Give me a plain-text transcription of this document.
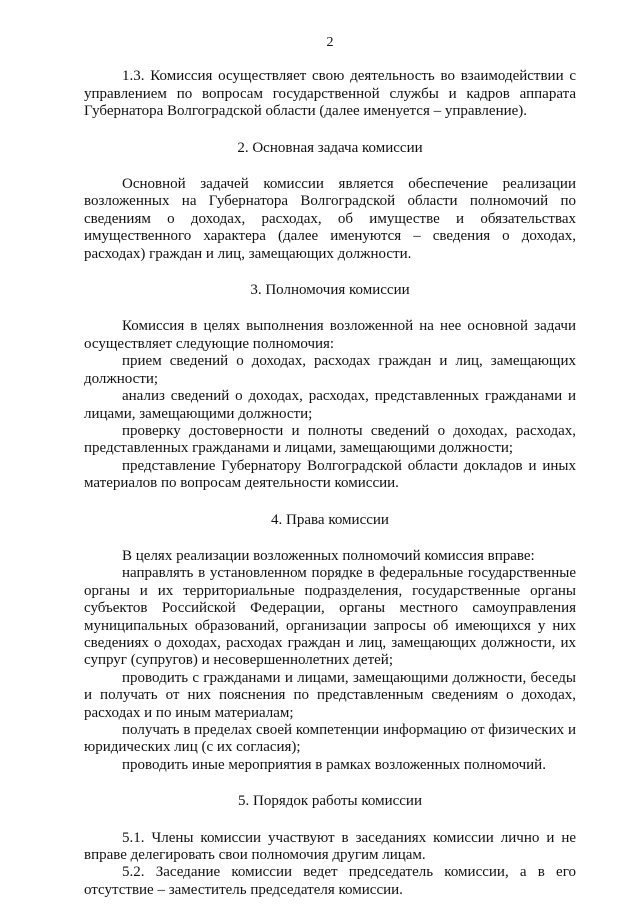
2

1.3. Комиссия осуществляет свою деятельность во взаимодействии с управлением по вопросам государственной службы и кадров аппарата Губернатора Волгоградской области (далее именуется – управление).

2. Основная задача комиссии

Основной задачей комиссии является обеспечение реализации возложенных на Губернатора Волгоградской области полномочий по сведениям о доходах, расходах, об имуществе и обязательствах имущественного характера (далее именуются – сведения о доходах, расходах) граждан и лиц, замещающих должности.

3. Полномочия комиссии

Комиссия в целях выполнения возложенной на нее основной задачи осуществляет следующие полномочия:

прием сведений о доходах, расходах граждан и лиц, замещающих должности;

анализ сведений о доходах, расходах, представленных гражданами и лицами, замещающими должности;

проверку достоверности и полноты сведений о доходах, расходах, представленных гражданами и лицами, замещающими должности;

представление Губернатору Волгоградской области докладов и иных материалов по вопросам деятельности комиссии.

4. Права комиссии

В целях реализации возложенных полномочий комиссия вправе:

направлять в установленном порядке в федеральные государственные органы и их территориальные подразделения, государственные органы субъектов Российской Федерации, органы местного самоуправления муниципальных образований, организации запросы об имеющихся у них сведениях о доходах, расходах граждан и лиц, замещающих должности, их супруг (супругов) и несовершеннолетних детей;

проводить с гражданами и лицами, замещающими должности, беседы и получать от них пояснения по представленным сведениям о доходах, расходах и по иным материалам;

получать в пределах своей компетенции информацию от физических и юридических лиц (с их согласия);

проводить иные мероприятия в рамках возложенных полномочий.

5. Порядок работы комиссии

5.1. Члены комиссии участвуют в заседаниях комиссии лично и не вправе делегировать свои полномочия другим лицам.

5.2. Заседание комиссии ведет председатель комиссии, а в его отсутствие – заместитель председателя комиссии.
